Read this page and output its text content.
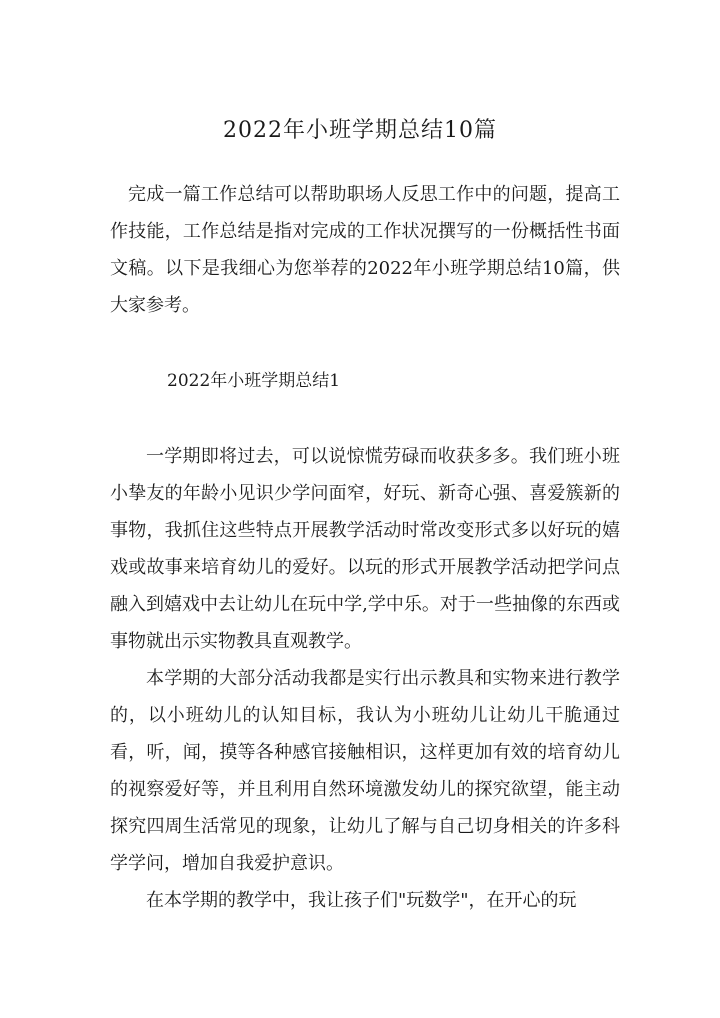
2022年小班学期总结10篇

完成一篇工作总结可以帮助职场人反思工作中的问题，提高工作技能，工作总结是指对完成的工作状况撰写的一份概括性书面文稿。以下是我细心为您举荐的2022年小班学期总结10篇，供大家参考。

2022年小班学期总结1

一学期即将过去，可以说惊慌劳碌而收获多多。我们班小班小挚友的年龄小见识少学问面窄，好玩、新奇心强、喜爱簇新的事物，我抓住这些特点开展教学活动时常改变形式多以好玩的嬉戏或故事来培育幼儿的爱好。以玩的形式开展教学活动把学问点融入到嬉戏中去让幼儿在玩中学,学中乐。对于一些抽像的东西或事物就出示实物教具直观教学。

本学期的大部分活动我都是实行出示教具和实物来进行教学的，以小班幼儿的认知目标，我认为小班幼儿让幼儿干脆通过看，听，闻，摸等各种感官接触相识，这样更加有效的培育幼儿的视察爱好等，并且利用自然环境激发幼儿的探究欲望，能主动探究四周生活常见的现象，让幼儿了解与自己切身相关的许多科学学问，增加自我爱护意识。

在本学期的教学中，我让孩子们"玩数学"，在开心的玩
